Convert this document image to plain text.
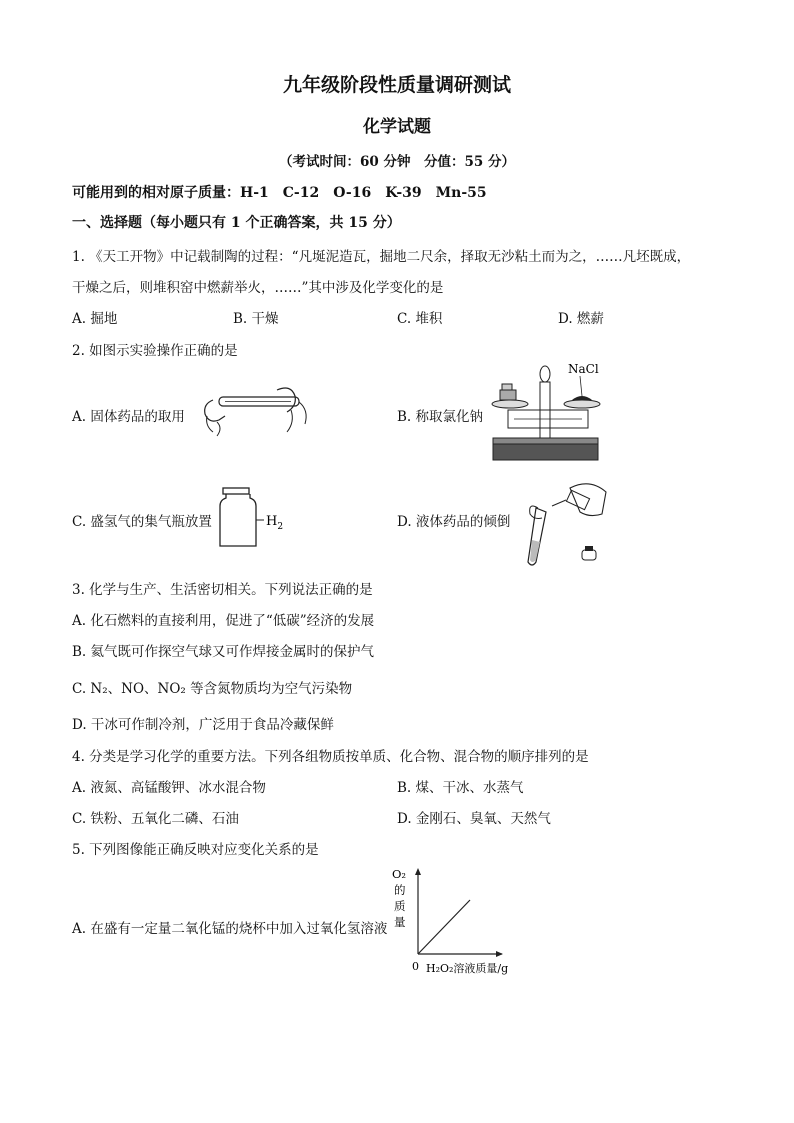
九年级阶段性质量调研测试
化学试题
（考试时间：60 分钟　分值：55 分）
可能用到的相对原子质量：H-1　C-12　O-16　K-39　Mn-55
一、选择题（每小题只有 1 个正确答案，共 15 分）
1. 《天工开物》中记载制陶的过程：“凡埏泥造瓦，掘地二尺余，择取无沙粘土而为之，……凡坯既成，
干燥之后，则堆积窑中燃薪举火，……”其中涉及化学变化的是
A. 掘地	B. 干燥	C. 堆积	D. 燃薪
2. 如图示实验操作正确的是
A. 固体药品的取用	B. 称取氯化钠
C. 盛氢气的集气瓶放置	D. 液体药品的倾倒
NaCl
$H_2$
3. 化学与生产、生活密切相关。下列说法正确的是
A. 化石燃料的直接利用，促进了“低碳”经济的发展
B. 氦气既可作探空气球又可作焊接金属时的保护气
C. N₂、NO、NO₂ 等含氮物质均为空气污染物
D. 干冰可作制冷剂，广泛用于食品冷藏保鲜
4. 分类是学习化学的重要方法。下列各组物质按单质、化合物、混合物的顺序排列的是
A. 液氮、高锰酸钾、冰水混合物	B. 煤、干冰、水蒸气
C. 铁粉、五氧化二磷、石油	D. 金刚石、臭氧、天然气
5. 下列图像能正确反映对应变化关系的是
A. 在盛有一定量二氧化锰的烧杯中加入过氧化氢溶液
O₂
的
质
量
0 H₂O₂溶液质量/g
